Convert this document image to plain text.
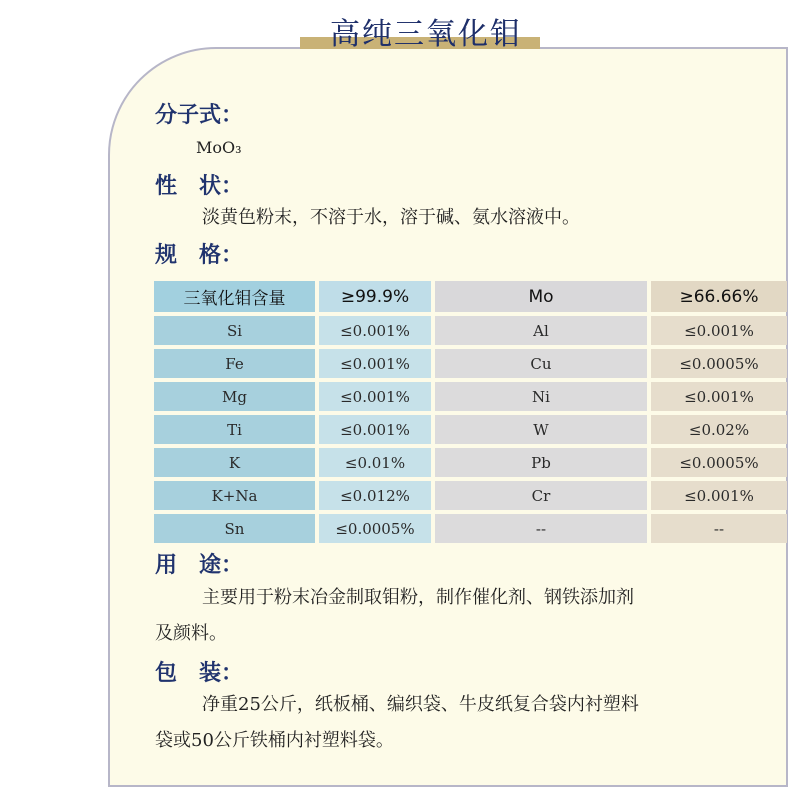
高纯三氧化钼
分子式：
MoO₃
性　状：
淡黄色粉末，不溶于水，溶于碱、氨水溶液中。
规　格：
三氧化钼含量	≥99.9%	Mo	≥66.66%
Si	≤0.001%	Al	≤0.001%
Fe	≤0.001%	Cu	≤0.0005%
Mg	≤0.001%	Ni	≤0.001%
Ti	≤0.001%	W	≤0.02%
K	≤0.01%	Pb	≤0.0005%
K+Na	≤0.012%	Cr	≤0.001%
Sn	≤0.0005%	--	--
用　途：
主要用于粉末冶金制取钼粉，制作催化剂、钢铁添加剂
及颜料。
包　装：
净重25公斤，纸板桶、编织袋、牛皮纸复合袋内衬塑料
袋或50公斤铁桶内衬塑料袋。
